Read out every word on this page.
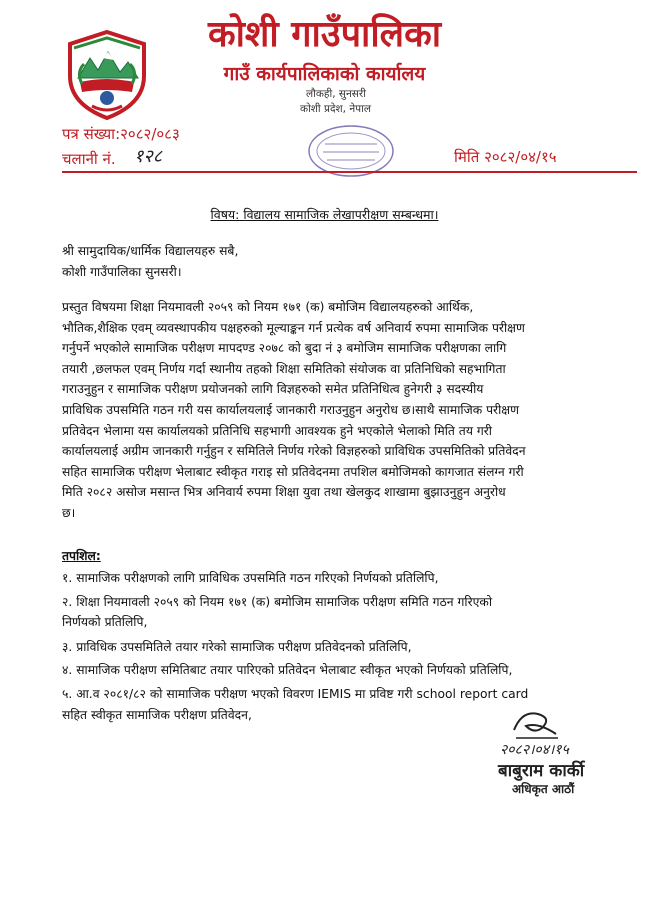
कोशी गाउँपालिका
गाउँ कार्यपालिकाको कार्यालय
लौकही, सुनसरी
कोशी प्रदेश, नेपाल
पत्र संख्या:२०८२/०८३
चलानी नं. १२८	मिति २०८२/०४/१५
विषय: विद्यालय सामाजिक लेखापरीक्षण सम्बन्धमा।
श्री सामुदायिक/धार्मिक विद्यालयहरु सबै,
कोशी गाउँपालिका सुनसरी।
प्रस्तुत विषयमा शिक्षा नियमावली २०५९ को नियम १७१ (क) बमोजिम विद्यालयहरुको आर्थिक,
भौतिक,शैक्षिक एवम् व्यवस्थापकीय पक्षहरुको मूल्याङ्कन गर्न प्रत्येक वर्ष अनिवार्य रुपमा सामाजिक परीक्षण
गर्नुपर्ने भएकोले सामाजिक परीक्षण मापदण्ड २०७८ को बुदा नं ३ बमोजिम सामाजिक परीक्षणका लागि
तयारी ,छलफल एवम् निर्णय गर्दा स्थानीय तहको शिक्षा समितिको संयोजक वा प्रतिनिधिको सहभागिता
गराउनुहुन र सामाजिक परीक्षण प्रयोजनको लागि विज्ञहरुको समेत प्रतिनिधित्व हुनेगरी ३ सदस्यीय
प्राविधिक उपसमिति गठन गरी यस कार्यालयलाई जानकारी गराउनुहुन अनुरोध छ।साथै सामाजिक परीक्षण
प्रतिवेदन भेलामा यस कार्यालयको प्रतिनिधि सहभागी आवश्यक हुने भएकोले भेलाको मिति तय गरी
कार्यालयलाई अग्रीम जानकारी गर्नुहुन र समितिले निर्णय गरेको विज्ञहरुको प्राविधिक उपसमितिको प्रतिवेदन
सहित सामाजिक परीक्षण भेलाबाट स्वीकृत गराइ सो प्रतिवेदनमा तपशिल बमोजिमको कागजात संलग्न गरी
मिति २०८२ असोज मसान्त भित्र अनिवार्य रुपमा शिक्षा युवा तथा खेलकुद शाखामा बुझाउनुहुन अनुरोध
छ।
तपशिल:
१. सामाजिक परीक्षणको लागि प्राविधिक उपसमिति गठन गरिएको निर्णयको प्रतिलिपि,
२. शिक्षा नियमावली २०५९ को नियम १७१ (क) बमोजिम सामाजिक परीक्षण समिति गठन गरिएको
निर्णयको प्रतिलिपि,
३. प्राविधिक उपसमितिले तयार गरेको सामाजिक परीक्षण प्रतिवेदनको प्रतिलिपि,
४. सामाजिक परीक्षण समितिबाट तयार पारिएको प्रतिवेदन भेलाबाट स्वीकृत भएको निर्णयको प्रतिलिपि,
५. आ.व २०८१/८२ को सामाजिक परीक्षण भएको विवरण IEMIS मा प्रविष्ट गरी school report card
सहित स्वीकृत सामाजिक परीक्षण प्रतिवेदन,
२०८२।०४।१५
बाबुराम कार्की
अधिकृत आठौं
